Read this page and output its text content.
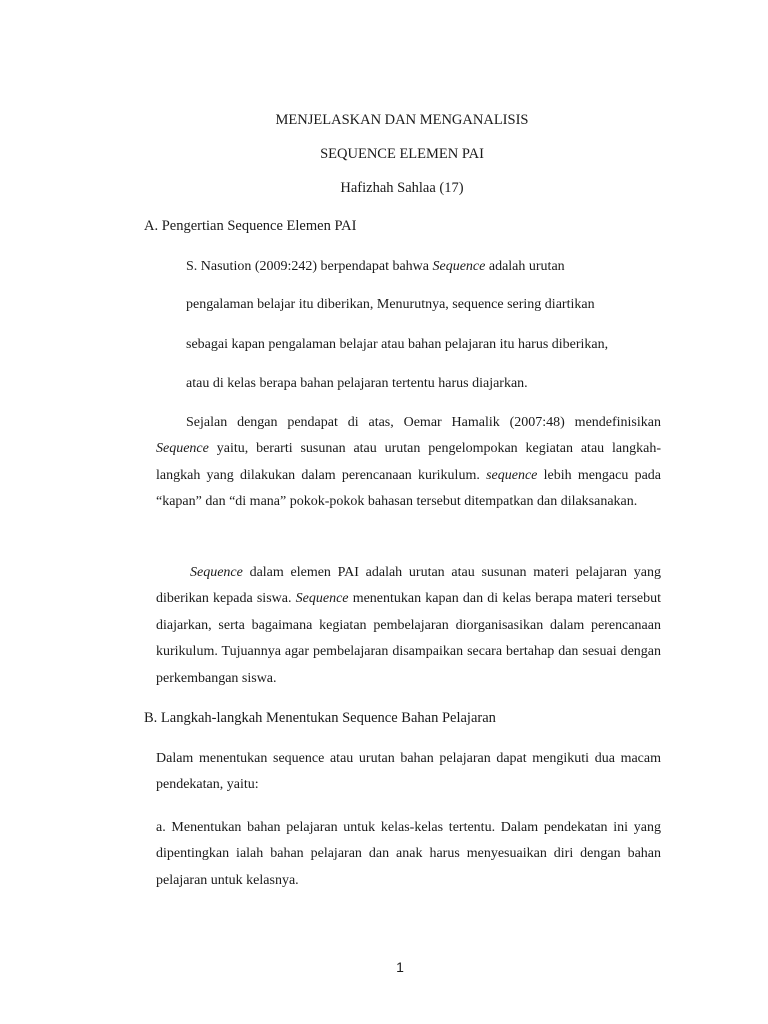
MENJELASKAN DAN MENGANALISIS
SEQUENCE ELEMEN PAI
Hafizhah Sahlaa (17)
A. Pengertian Sequence Elemen PAI
S. Nasution (2009:242) berpendapat bahwa Sequence adalah urutan
pengalaman belajar itu diberikan, Menurutnya, sequence sering diartikan
sebagai kapan pengalaman belajar atau bahan pelajaran itu harus diberikan,
atau di kelas berapa bahan pelajaran tertentu harus diajarkan.
Sejalan dengan pendapat di atas, Oemar Hamalik (2007:48) mendefinisikan Sequence yaitu, berarti susunan atau urutan pengelompokan kegiatan atau langkah-langkah yang dilakukan dalam perencanaan kurikulum. sequence lebih mengacu pada “kapan” dan “di mana” pokok-pokok bahasan tersebut ditempatkan dan dilaksanakan.
Sequence dalam elemen PAI adalah urutan atau susunan materi pelajaran yang diberikan kepada siswa. Sequence menentukan kapan dan di kelas berapa materi tersebut diajarkan, serta bagaimana kegiatan pembelajaran diorganisasikan dalam perencanaan kurikulum. Tujuannya agar pembelajaran disampaikan secara bertahap dan sesuai dengan perkembangan siswa.
B. Langkah-langkah Menentukan Sequence Bahan Pelajaran
Dalam menentukan sequence atau urutan bahan pelajaran dapat mengikuti dua macam pendekatan, yaitu:
a. Menentukan bahan pelajaran untuk kelas-kelas tertentu. Dalam pendekatan ini yang dipentingkan ialah bahan pelajaran dan anak harus menyesuaikan diri dengan bahan pelajaran untuk kelasnya.
1
